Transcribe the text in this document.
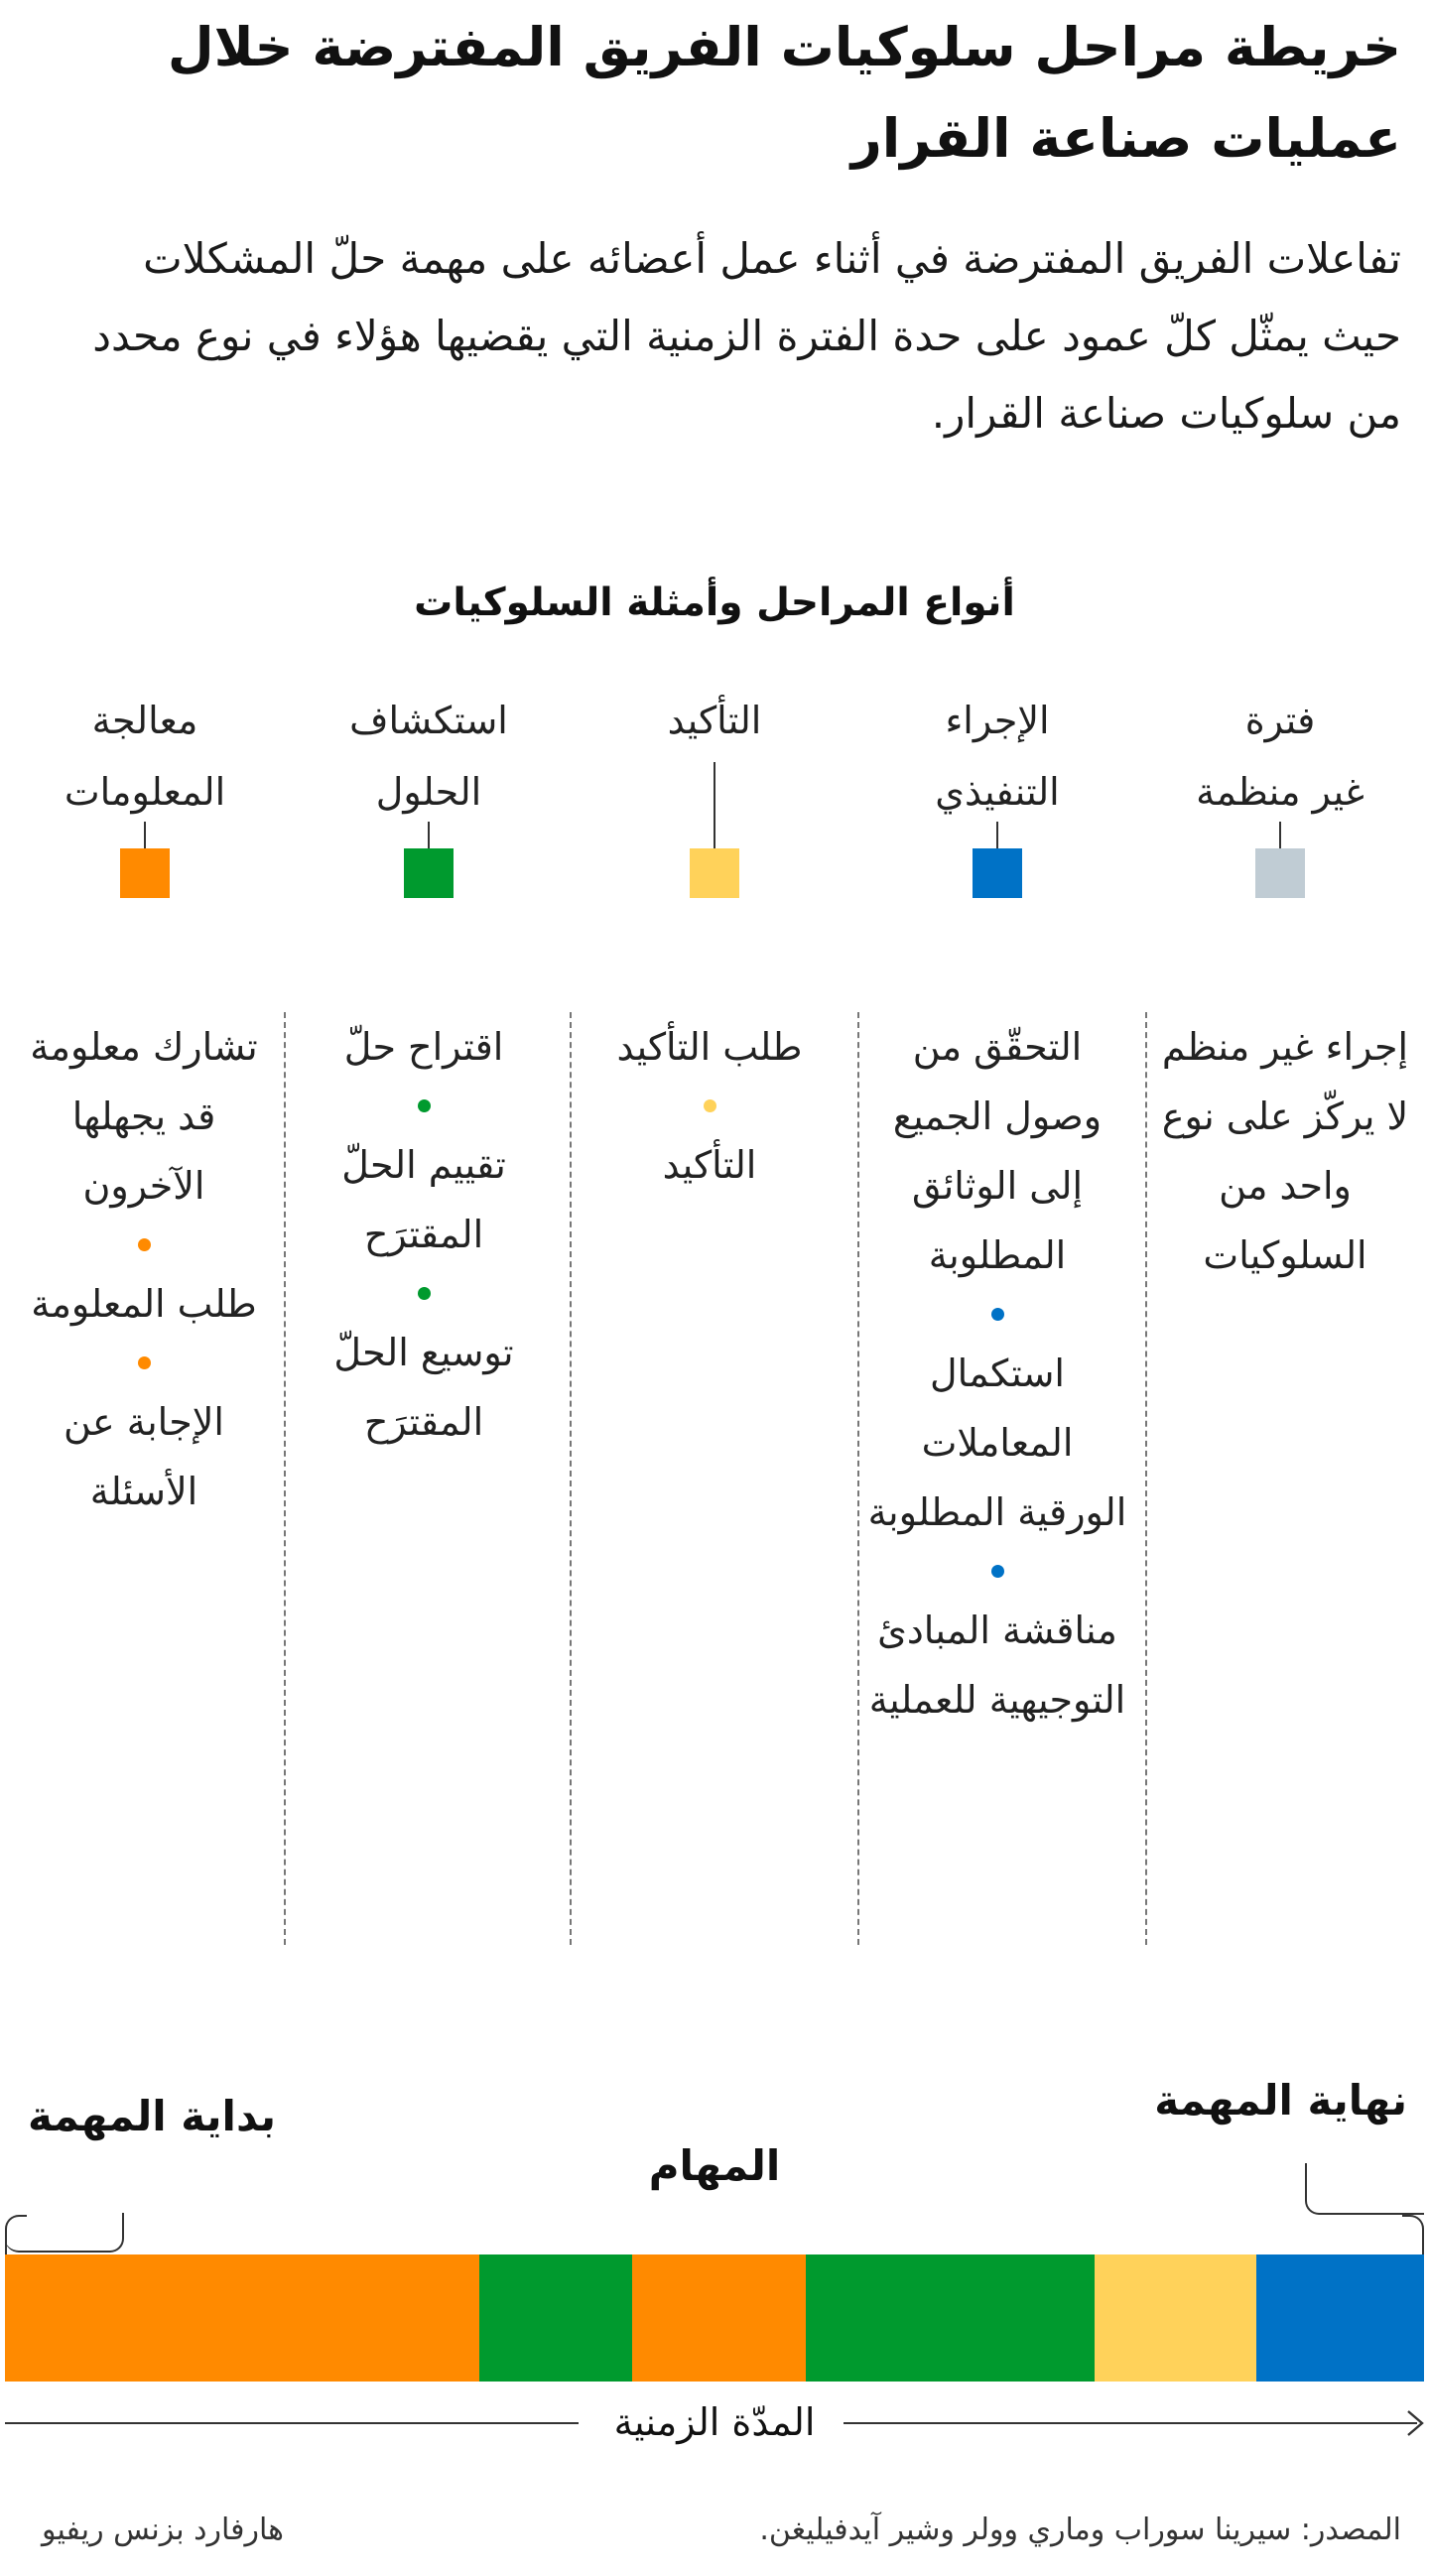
خريطة مراحل سلوكيات الفريق المفترضة خلال عمليات صناعة القرار
تفاعلات الفريق المفترضة في أثناء عمل أعضائه على مهمة حلّ المشكلات حيث يمثّل كلّ عمود على حدة الفترة الزمنية التي يقضيها هؤلاء في نوع محدد من سلوكيات صناعة القرار.
أنواع المراحل وأمثلة السلوكيات
فترة
غير منظمة
الإجراء
التنفيذي
التأكيد
استكشاف
الحلول
معالجة
المعلومات
إجراء غير منظم لا يركّز على نوع واحد من السلوكيات
التحقّق من وصول الجميع إلى الوثائق المطلوبة
استكمال المعاملات الورقية المطلوبة
مناقشة المبادئ التوجيهية للعملية
طلب التأكيد
التأكيد
اقتراح حلّ
تقييم الحلّ المقترَح
توسيع الحلّ المقترَح
تشارك معلومة قد يجهلها الآخرون
طلب المعلومة
الإجابة عن الأسئلة
نهاية المهمة
بداية المهمة
المهام
المدّة الزمنية
المصدر: سيرينا سوراب وماري وولر وشير آيدفيليغن.
هارفارد بزنس ريفيو
